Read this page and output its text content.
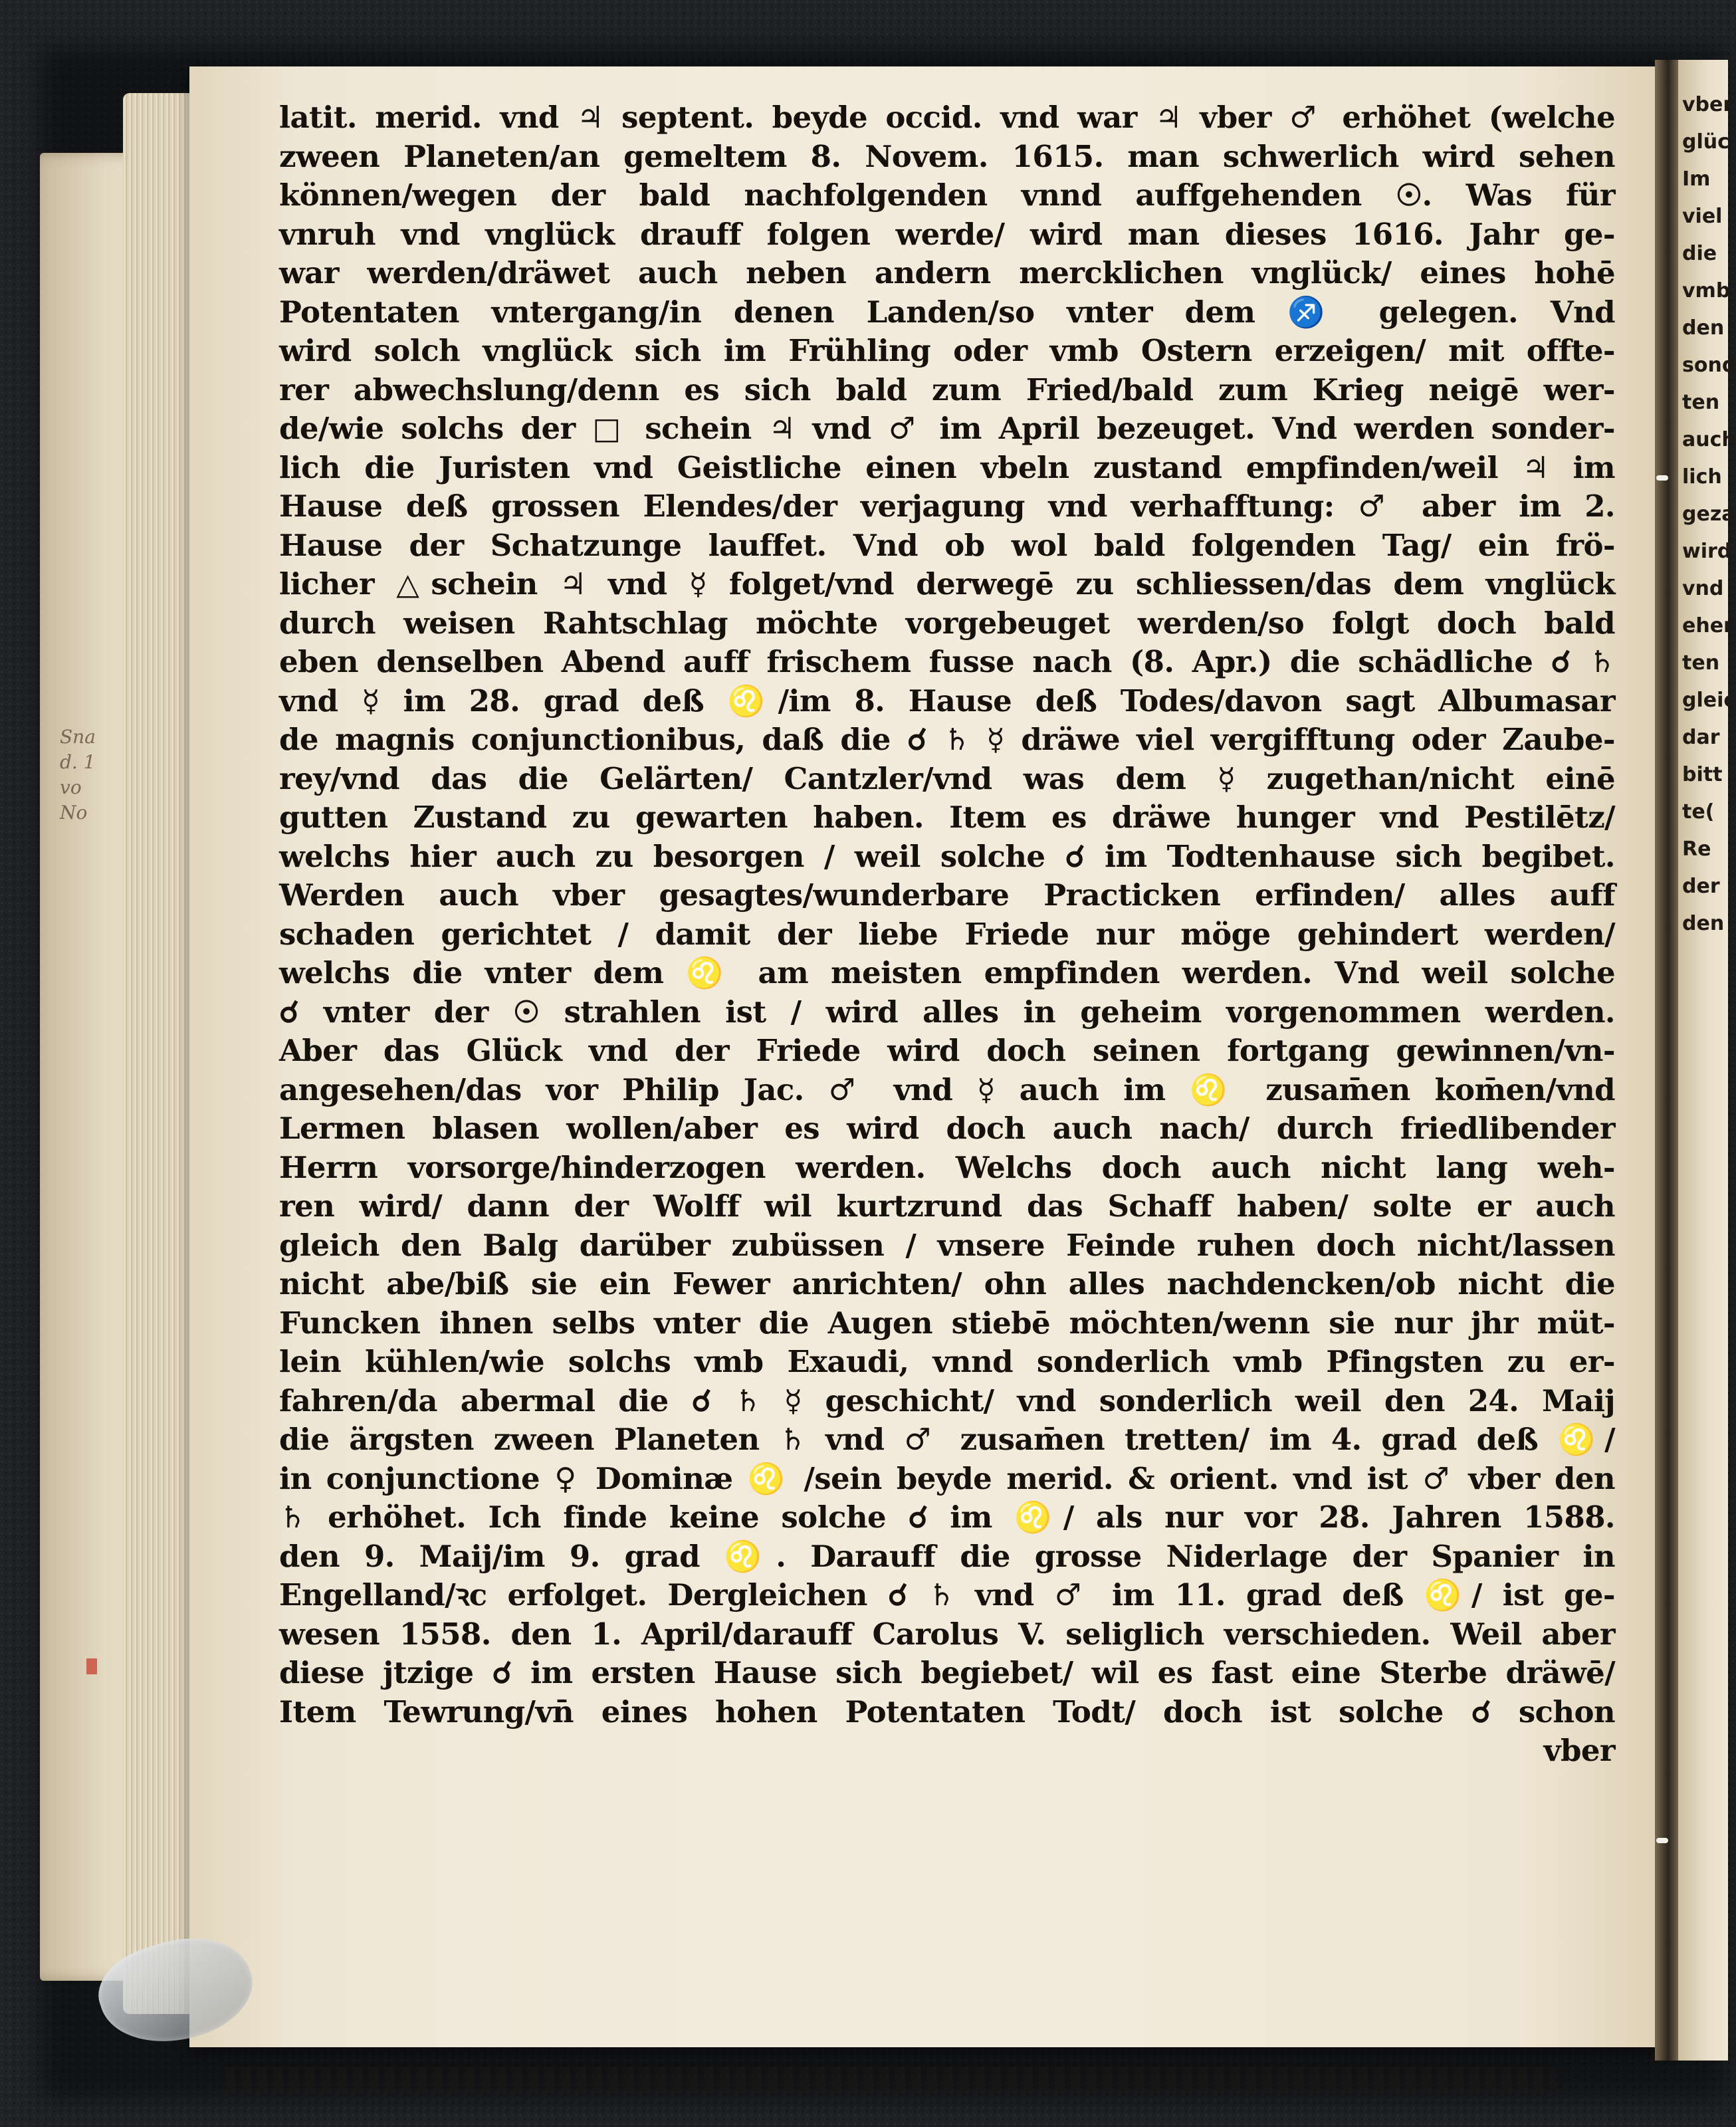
Sna
d. 1
vo
No
vber
glüc
Im
viel
die
vmb
den
sond
ten
auch
lich
geza
wird
vnd
eher
ten
gleic
dar
bitt
te(
Re
der
den
latit. merid. vnd ♃ septent. beyde occid. vnd war ♃ vber ♂ erhöhet (welche
zween Planeten/an gemeltem 8. Novem. 1615. man schwerlich wird sehen
können/wegen der bald nachfolgenden vnnd auffgehenden ☉. Was für
vnruh vnd vnglück drauff folgen werde/ wird man dieses 1616. Jahr ge-
war werden/dräwet auch neben andern mercklichen vnglück/ eines hohē
Potentaten vntergang/in denen Landen/so vnter dem ♐ gelegen. Vnd
wird solch vnglück sich im Frühling oder vmb Ostern erzeigen/ mit offte-
rer abwechslung/denn es sich bald zum Fried/bald zum Krieg neigē wer-
de/wie solchs der □ schein ♃ vnd ♂ im April bezeuget. Vnd werden sonder-
lich die Juristen vnd Geistliche einen vbeln zustand empfinden/weil ♃ im
Hause deß grossen Elendes/der verjagung vnd verhafftung: ♂ aber im 2.
Hause der Schatzunge lauffet. Vnd ob wol bald folgenden Tag/ ein frö-
licher △schein ♃ vnd ☿ folget/vnd derwegē zu schliessen/das dem vnglück
durch weisen Rahtschlag möchte vorgebeuget werden/so folgt doch bald
eben denselben Abend auff frischem fusse nach (8. Apr.) die schädliche ☌ ♄
vnd ☿ im 28. grad deß ♌/im 8. Hause deß Todes/davon sagt Albumasar
de magnis conjunctionibus, daß die ☌ ♄ ☿ dräwe viel vergifftung oder Zaube-
rey/vnd das die Gelärten/ Cantzler/vnd was dem ☿ zugethan/nicht einē
gutten Zustand zu gewarten haben. Item es dräwe hunger vnd Pestilētz/
welchs hier auch zu besorgen / weil solche ☌ im Todtenhause sich begibet.
Werden auch vber gesagtes/wunderbare Practicken erfinden/ alles auff
schaden gerichtet / damit der liebe Friede nur möge gehindert werden/
welchs die vnter dem ♌ am meisten empfinden werden. Vnd weil solche
☌ vnter der ☉ strahlen ist / wird alles in geheim vorgenommen werden.
Aber das Glück vnd der Friede wird doch seinen fortgang gewinnen/vn-
angesehen/das vor Philip Jac. ♂ vnd ☿ auch im ♌ zusam̄en kom̄en/vnd
Lermen blasen wollen/aber es wird doch auch nach/ durch friedlibender
Herrn vorsorge/hinderzogen werden. Welchs doch auch nicht lang weh-
ren wird/ dann der Wolff wil kurtzrund das Schaff haben/ solte er auch
gleich den Balg darüber zubüssen / vnsere Feinde ruhen doch nicht/lassen
nicht abe/biß sie ein Fewer anrichten/ ohn alles nachdencken/ob nicht die
Funcken ihnen selbs vnter die Augen stiebē möchten/wenn sie nur jhr müt-
lein kühlen/wie solchs vmb Exaudi, vnnd sonderlich vmb Pfingsten zu er-
fahren/da abermal die ☌ ♄ ☿ geschicht/ vnd sonderlich weil den 24. Maij
die ärgsten zween Planeten ♄ vnd ♂ zusam̄en tretten/ im 4. grad deß ♌/
in conjunctione ♀ Dominæ ♌ /sein beyde merid. & orient. vnd ist ♂ vber den
♄ erhöhet. Ich finde keine solche ☌ im ♌/ als nur vor 28. Jahren 1588.
den 9. Maij/im 9. grad ♌. Darauff die grosse Niderlage der Spanier in
Engelland/ꝛc erfolget. Dergleichen ☌ ♄ vnd ♂ im 11. grad deß ♌/ ist ge-
wesen 1558. den 1. April/darauff Carolus V. seliglich verschieden. Weil aber
diese jtzige ☌ im ersten Hause sich begiebet/ wil es fast eine Sterbe dräwē/
Item Tewrung/vn̄ eines hohen Potentaten Todt/ doch ist solche ☌ schon
vber
